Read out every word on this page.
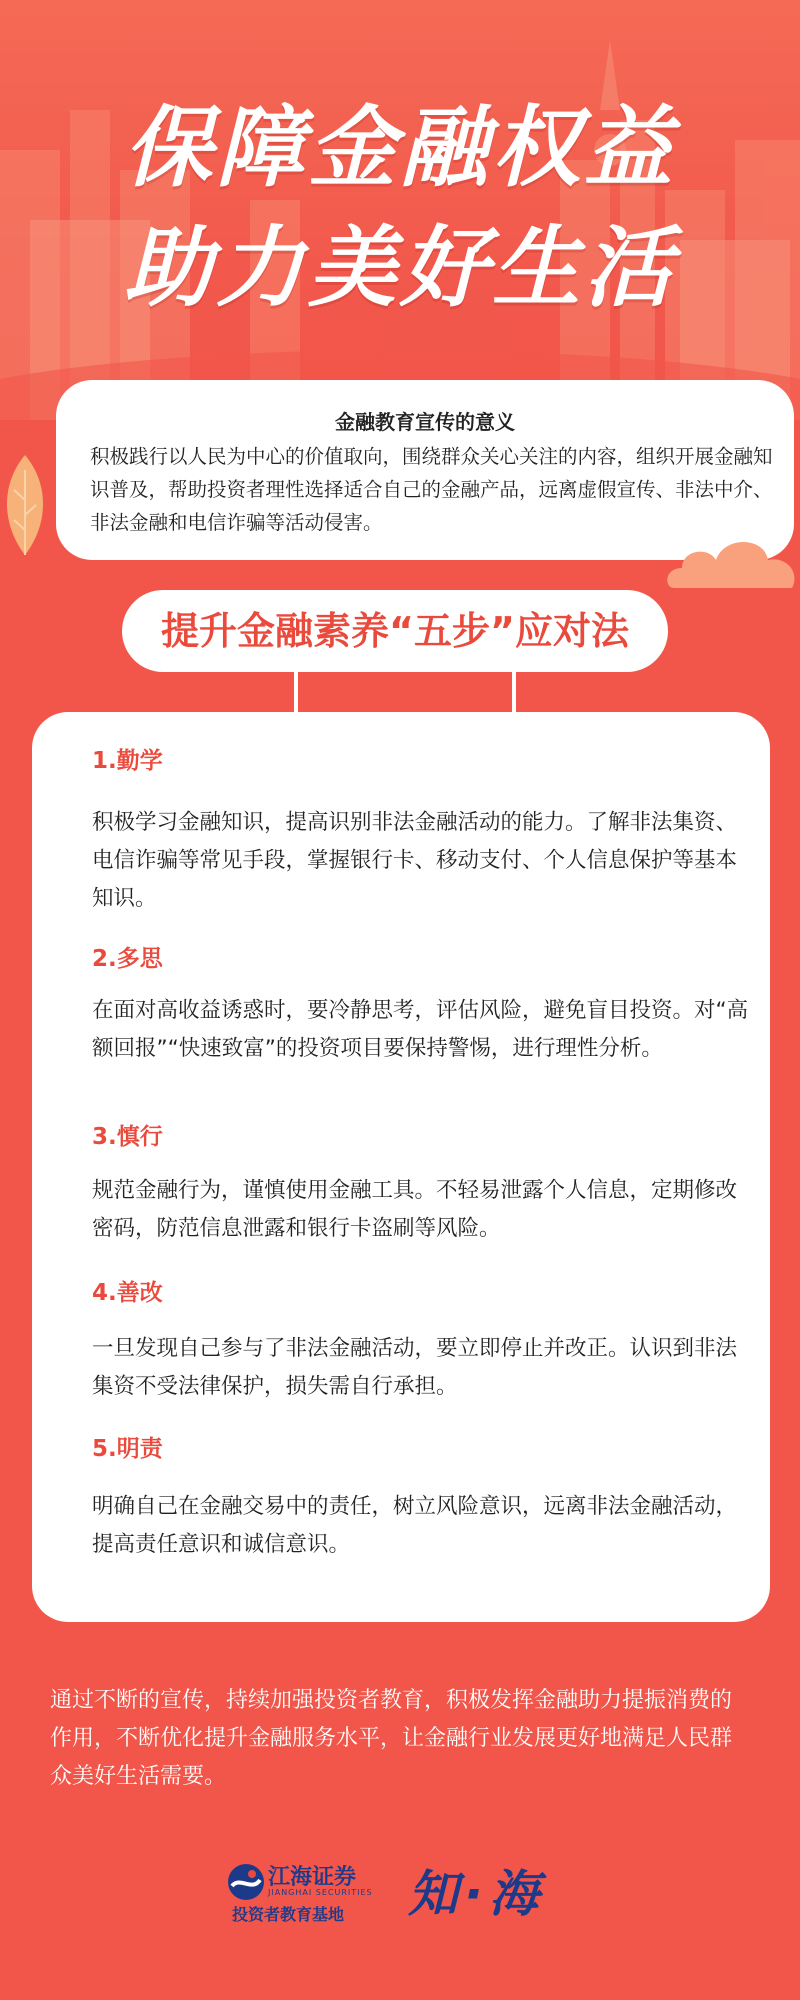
保障金融权益
助力美好生活
金融教育宣传的意义
积极践行以人民为中心的价值取向，围绕群众关心关注的内容，组织开展金融知识普及，帮助投资者理性选择适合自己的金融产品，远离虚假宣传、非法中介、非法金融和电信诈骗等活动侵害。
提升金融素养“五步”应对法
1.勤学
积极学习金融知识，提高识别非法金融活动的能力。了解非法集资、电信诈骗等常见手段，掌握银行卡、移动支付、个人信息保护等基本知识。
2.多思
在面对高收益诱惑时，要冷静思考，评估风险，避免盲目投资。对“高额回报”“快速致富”的投资项目要保持警惕，进行理性分析。
3.慎行
规范金融行为，谨慎使用金融工具。不轻易泄露个人信息，定期修改密码，防范信息泄露和银行卡盗刷等风险。
4.善改
一旦发现自己参与了非法金融活动，要立即停止并改正。认识到非法集资不受法律保护，损失需自行承担。
5.明责
明确自己在金融交易中的责任，树立风险意识，远离非法金融活动，提高责任意识和诚信意识。
通过不断的宣传，持续加强投资者教育，积极发挥金融助力提振消费的作用，不断优化提升金融服务水平，让金融行业发展更好地满足人民群众美好生活需要。
江海证券
JIANGHAI SECURITIES
投资者教育基地 知·海
